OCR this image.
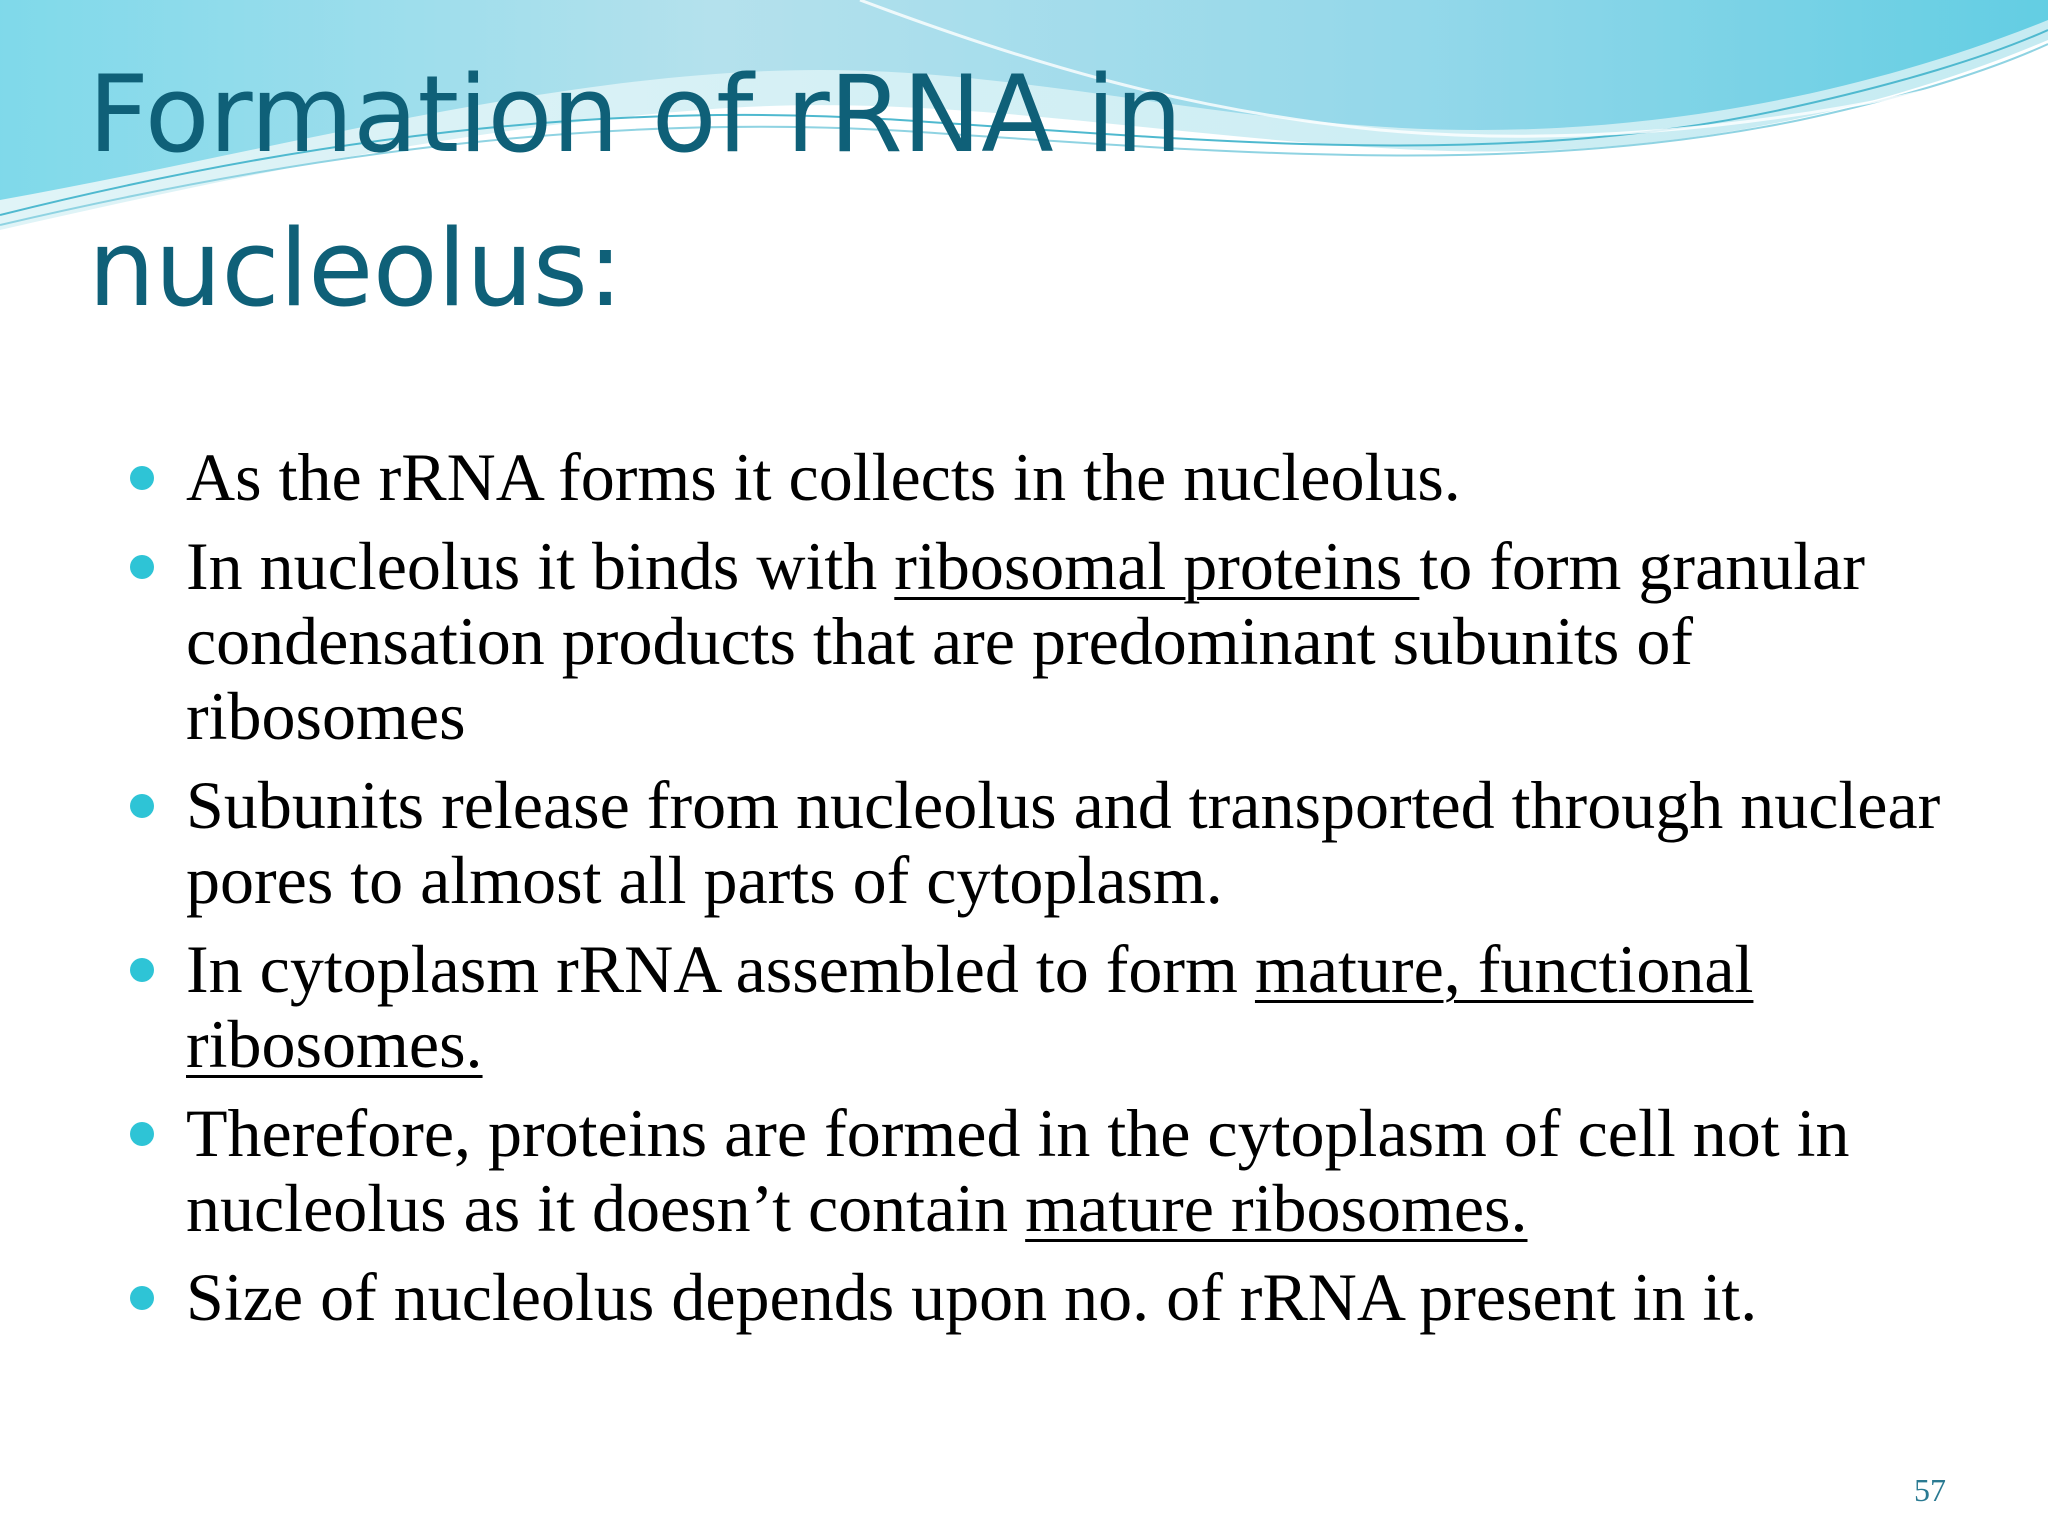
Formation of rRNA in
nucleolus:
As the rRNA forms it collects in the nucleolus.
In nucleolus it binds with ribosomal proteins to form granular condensation products that are predominant subunits of ribosomes
Subunits release from nucleolus and transported through nuclear pores to almost all parts of cytoplasm.
In cytoplasm rRNA assembled to form mature, functional ribosomes.
Therefore, proteins are formed in the cytoplasm of cell not in nucleolus as it doesn’t contain mature ribosomes.
Size of nucleolus depends upon no. of rRNA present in it.
57
